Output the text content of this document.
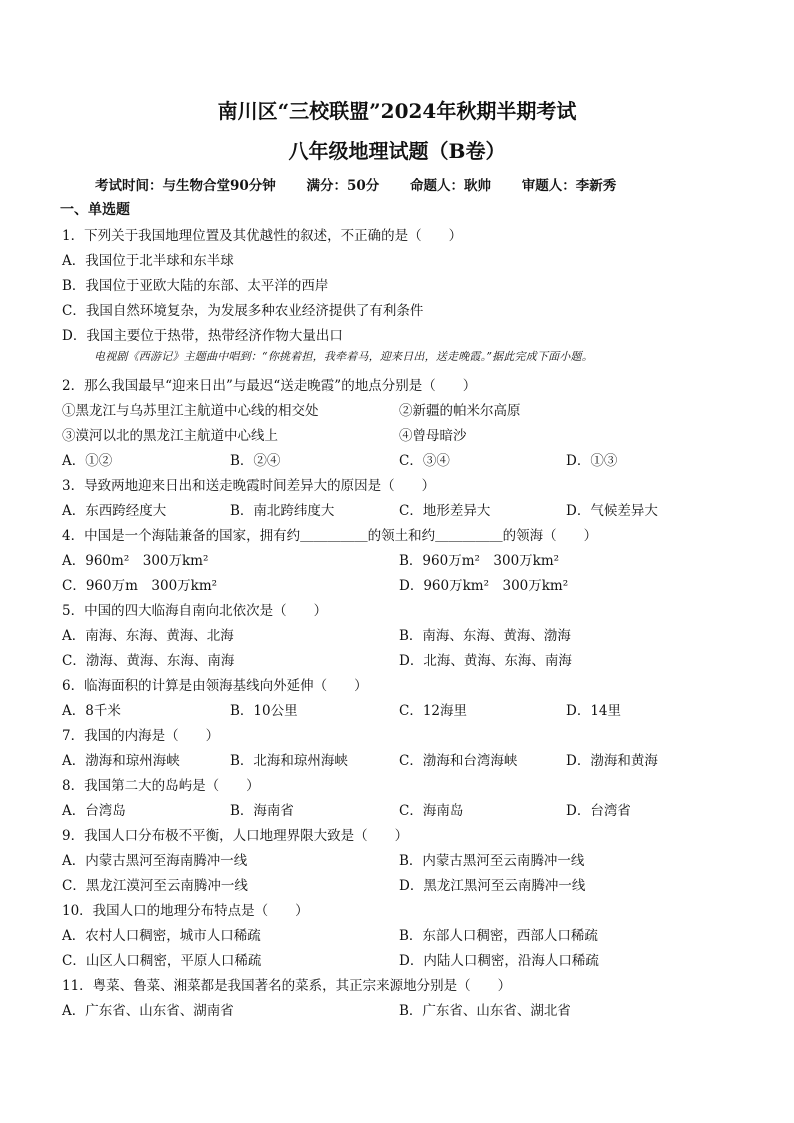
南川区“三校联盟”2024年秋期半期考试
八年级地理试题（B卷）
考试时间：与生物合堂90分钟 满分：50分 命题人：耿帅 审题人：李新秀
一、单选题
1．下列关于我国地理位置及其优越性的叙述，不正确的是（　　）
A．我国位于北半球和东半球
B．我国位于亚欧大陆的东部、太平洋的西岸
C．我国自然环境复杂，为发展多种农业经济提供了有利条件
D．我国主要位于热带，热带经济作物大量出口
电视剧《西游记》主题曲中唱到：“你挑着担，我牵着马，迎来日出，送走晚霞。”据此完成下面小题。
2．那么我国最早“迎来日出”与最迟“送走晚霞”的地点分别是（　　）
①黑龙江与乌苏里江主航道中心线的相交处	②新疆的帕米尔高原
③漠河以北的黑龙江主航道中心线上	④曾母暗沙
A．①②	B．②④	C．③④	D．①③
3．导致两地迎来日出和送走晚霞时间差异大的原因是（　　）
A．东西跨经度大	B．南北跨纬度大	C．地形差异大	D．气候差异大
4．中国是一个海陆兼备的国家，拥有约＿＿＿＿＿的领土和约＿＿＿＿＿的领海（　　）
A．960m²　300万km²	B．960万m²　300万km²
C．960万m　300万km²	D．960万km²　300万km²
5．中国的四大临海自南向北依次是（　　）
A．南海、东海、黄海、北海	B．南海、东海、黄海、渤海
C．渤海、黄海、东海、南海	D．北海、黄海、东海、南海
6．临海面积的计算是由领海基线向外延伸（　　）
A．8千米	B．10公里	C．12海里	D．14里
7．我国的内海是（　　）
A．渤海和琼州海峡	B．北海和琼州海峡	C．渤海和台湾海峡	D．渤海和黄海
8．我国第二大的岛屿是（　　）
A．台湾岛	B．海南省	C．海南岛	D．台湾省
9．我国人口分布极不平衡，人口地理界限大致是（　　）
A．内蒙古黑河至海南腾冲一线	B．内蒙古黑河至云南腾冲一线
C．黑龙江漠河至云南腾冲一线	D．黑龙江黑河至云南腾冲一线
10．我国人口的地理分布特点是（　　）
A．农村人口稠密，城市人口稀疏	B．东部人口稠密，西部人口稀疏
C．山区人口稠密，平原人口稀疏	D．内陆人口稠密，沿海人口稀疏
11．粤菜、鲁菜、湘菜都是我国著名的菜系，其正宗来源地分别是（　　）
A．广东省、山东省、湖南省	B．广东省、山东省、湖北省
